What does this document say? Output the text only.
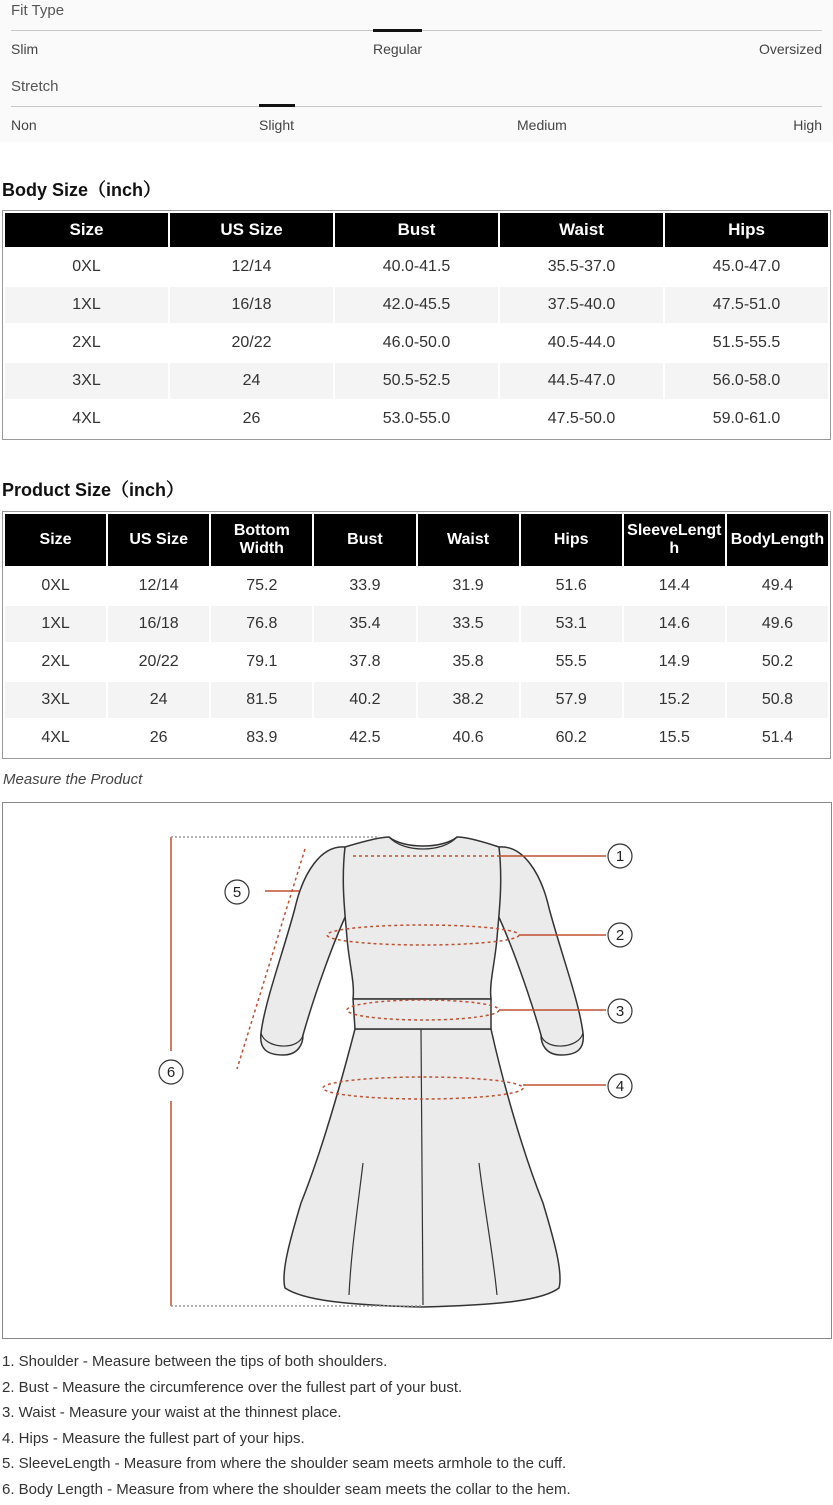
Fit Type
Slim	Regular	Oversized
Stretch
Non	Slight	Medium	High
Body Size（inch）
Size	US Size	Bust	Waist	Hips
0XL	12/14	40.0-41.5	35.5-37.0	45.0-47.0
1XL	16/18	42.0-45.5	37.5-40.0	47.5-51.0
2XL	20/22	46.0-50.0	40.5-44.0	51.5-55.5
3XL	24	50.5-52.5	44.5-47.0	56.0-58.0
4XL	26	53.0-55.0	47.5-50.0	59.0-61.0
Product Size（inch）
Size	US Size	Bottom Width	Bust	Waist	Hips	SleeveLength	BodyLength
0XL	12/14	75.2	33.9	31.9	51.6	14.4	49.4
1XL	16/18	76.8	35.4	33.5	53.1	14.6	49.6
2XL	20/22	79.1	37.8	35.8	55.5	14.9	50.2
3XL	24	81.5	40.2	38.2	57.9	15.2	50.8
4XL	26	83.9	42.5	40.6	60.2	15.5	51.4
Measure the Product
1
2
3
4
5
6
1. Shoulder - Measure between the tips of both shoulders.
2. Bust - Measure the circumference over the fullest part of your bust.
3. Waist - Measure your waist at the thinnest place.
4. Hips - Measure the fullest part of your hips.
5. SleeveLength - Measure from where the shoulder seam meets armhole to the cuff.
6. Body Length - Measure from where the shoulder seam meets the collar to the hem.
